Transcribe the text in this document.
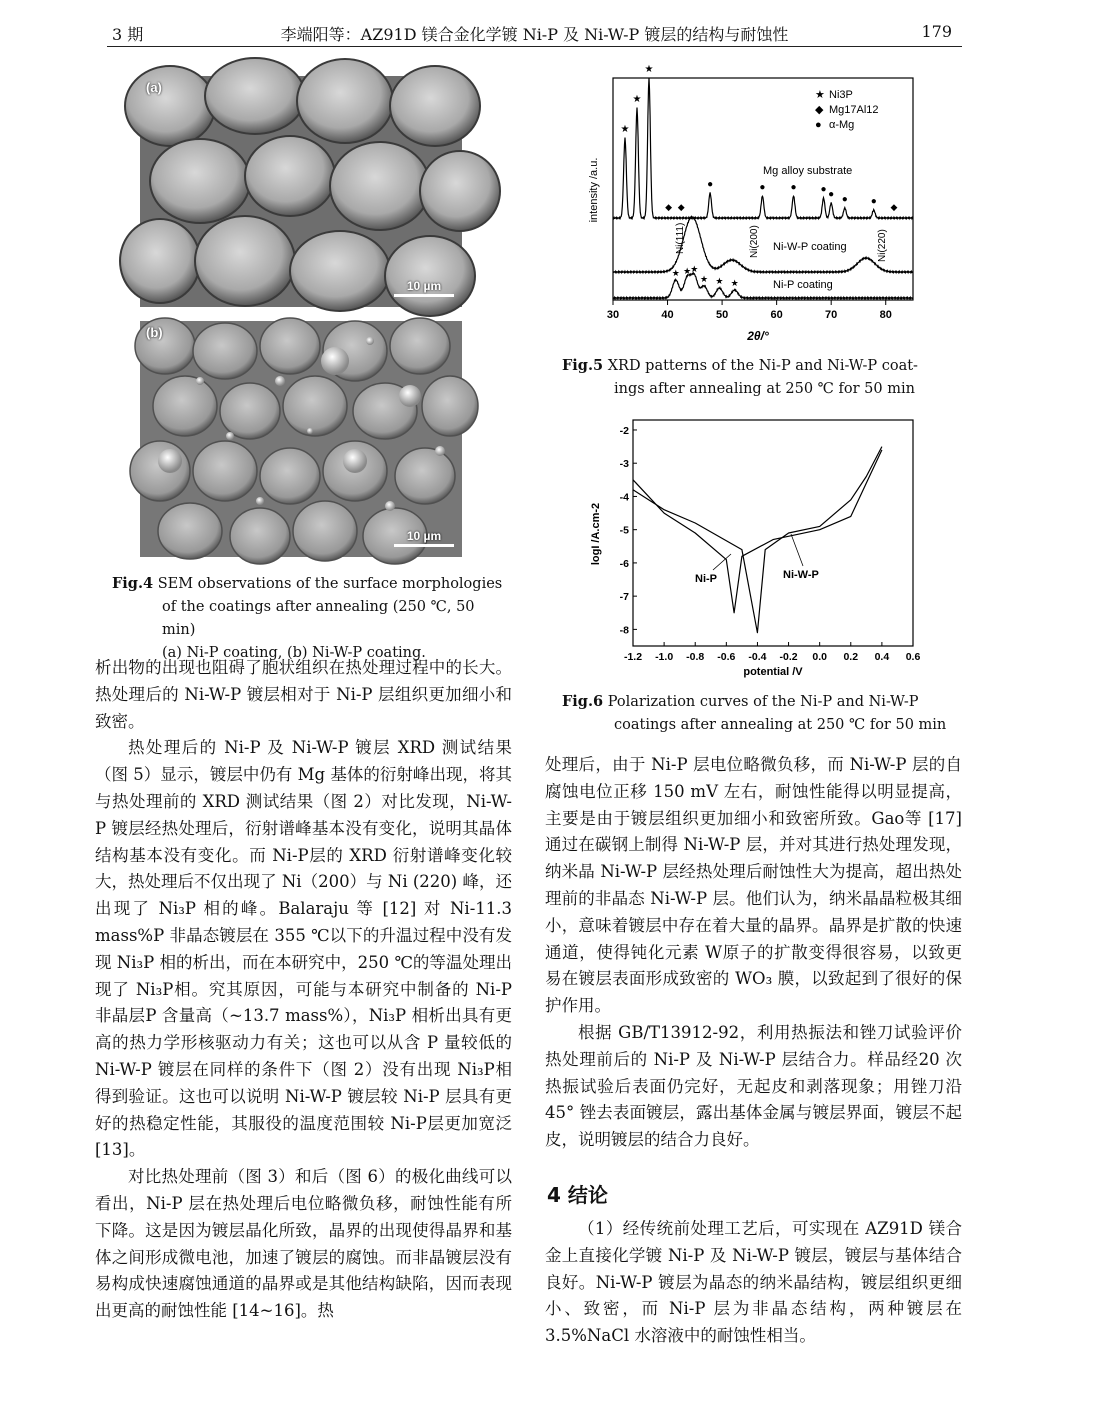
3 期	李端阳等：AZ91D 镁合金化学镀 Ni-P 及 Ni-W-P 镀层的结构与耐蚀性	179
(a)
10 µm
(b)
10 µm
Fig.4 SEM observations of the surface morphologies
of the coatings after annealing (250 ℃, 50 min)
(a) Ni-P coating, (b) Ni-W-P coating.
30	40	50	60	70	80
★
★
★
●	●	● ● ● ● ●
◆ ◆	◆
★ ★ ★
★ ★ ★
2θ/°
intensity /a.u.
★ Ni3P
◆ Mg17Al12
● α-Mg
Mg alloy substrate
Ni-W-P coating
Ni-P coating
Ni(111)	Ni(200)	Ni(220)
Fig.5 XRD patterns of the Ni-P and Ni-W-P coat-
ings after annealing at 250 ℃ for 50 min
-1.2 -1.0 -0.8 -0.6 -0.4 -0.2 0.0 0.2 0.4 0.6
-2
-3
-4
-5
-6
-7
-8
potential /V
logI /A.cm-2
Ni-P	Ni-W-P
Fig.6 Polarization curves of the Ni-P and Ni-W-P
coatings after annealing at 250 ℃ for 50 min

析出物的出现也阻碍了胞状组织在热处理过程中的长大。热处理后的 Ni-W-P 镀层相对于 Ni-P 层组织更加细小和致密。

热处理后的 Ni-P 及 Ni-W-P 镀层 XRD 测试结果（图 5）显示，镀层中仍有 Mg 基体的衍射峰出现，将其与热处理前的 XRD 测试结果（图 2）对比发现，Ni-W-P 镀层经热处理后，衍射谱峰基本没有变化，说明其晶体结构基本没有变化。而 Ni-P层的 XRD 衍射谱峰变化较大，热处理后不仅出现了 Ni（200）与 Ni (220) 峰，还出现了 Ni₃P 相的峰。Balaraju 等 [12] 对 Ni-11.3 mass%P 非晶态镀层在 355 ℃以下的升温过程中没有发现 Ni₃P 相的析出，而在本研究中，250 ℃的等温处理出现了 Ni₃P相。究其原因，可能与本研究中制备的 Ni-P 非晶层P 含量高（~13.7 mass%），Ni₃P 相析出具有更高的热力学形核驱动力有关；这也可以从含 P 量较低的Ni-W-P 镀层在同样的条件下（图 2）没有出现 Ni₃P相得到验证。这也可以说明 Ni-W-P 镀层较 Ni-P 层具有更好的热稳定性能，其服役的温度范围较 Ni-P层更加宽泛 [13]。

对比热处理前（图 3）和后（图 6）的极化曲线可以看出，Ni-P 层在热处理后电位略微负移，耐蚀性能有所下降。这是因为镀层晶化所致，晶界的出现使得晶界和基体之间形成微电池，加速了镀层的腐蚀。而非晶镀层没有易构成快速腐蚀通道的晶界或是其他结构缺陷，因而表现出更高的耐蚀性能 [14~16]。热

处理后，由于 Ni-P 层电位略微负移，而 Ni-W-P 层的自腐蚀电位正移 150 mV 左右，耐蚀性能得以明显提高，主要是由于镀层组织更加细小和致密所致。Gao等 [17] 通过在碳钢上制得 Ni-W-P 层，并对其进行热处理发现，纳米晶 Ni-W-P 层经热处理后耐蚀性大为提高，超出热处理前的非晶态 Ni-W-P 层。他们认为，纳米晶晶粒极其细小，意味着镀层中存在着大量的晶界。晶界是扩散的快速通道，使得钝化元素 W原子的扩散变得很容易，以致更易在镀层表面形成致密的 WO₃ 膜，以致起到了很好的保护作用。

根据 GB/T13912-92，利用热振法和锉刀试验评价热处理前后的 Ni-P 及 Ni-W-P 层结合力。样品经20 次热振试验后表面仍完好，无起皮和剥落现象；用锉刀沿 45° 锉去表面镀层，露出基体金属与镀层界面，镀层不起皮，说明镀层的结合力良好。

4 结论

（1）经传统前处理工艺后，可实现在 AZ91D 镁合金上直接化学镀 Ni-P 及 Ni-W-P 镀层，镀层与基体结合良好。Ni-W-P 镀层为晶态的纳米晶结构，镀层组织更细小、致密，而 Ni-P 层为非晶态结构，两种镀层在 3.5%NaCl 水溶液中的耐蚀性相当。
